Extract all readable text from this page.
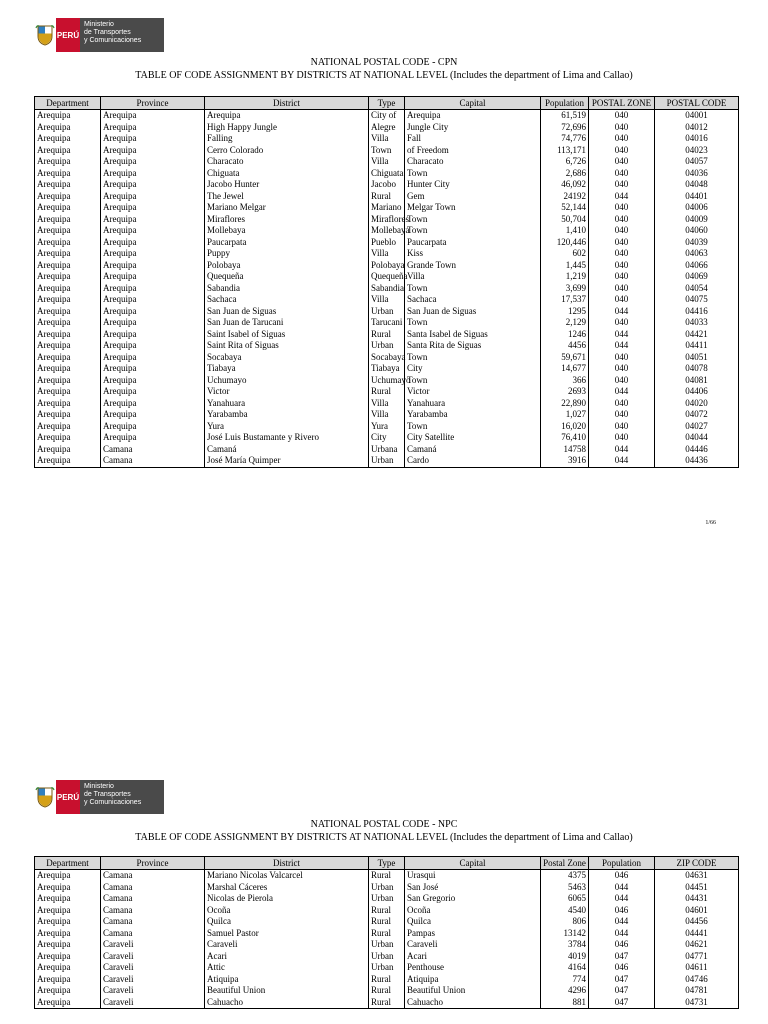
PERÚ
Ministerio
de Transportes
y Comunicaciones
NATIONAL POSTAL CODE - CPN
TABLE OF CODE ASSIGNMENT BY DISTRICTS AT NATIONAL LEVEL (Includes the department of Lima and Callao)
Department	Province	District	Type	Capital	Population	POSTAL ZONE	POSTAL CODE
Arequipa	Arequipa	Arequipa	City of	Arequipa	61,519	040	04001
Arequipa	Arequipa	High Happy Jungle	Alegre	Jungle City	72,696	040	04012
Arequipa	Arequipa	Falling	Villa	Fall	74,776	040	04016
Arequipa	Arequipa	Cerro Colorado	Town	of Freedom	113,171	040	04023
Arequipa	Arequipa	Characato	Villa	Characato	6,726	040	04057
Arequipa	Arequipa	Chiguata	Chiguata	Town	2,686	040	04036
Arequipa	Arequipa	Jacobo Hunter	Jacobo	Hunter City	46,092	040	04048
Arequipa	Arequipa	The Jewel	Rural	Gem	24192	044	04401
Arequipa	Arequipa	Mariano Melgar	Mariano	Melgar Town	52,144	040	04006
Arequipa	Arequipa	Miraflores	Miraflores	Town	50,704	040	04009
Arequipa	Arequipa	Mollebaya	Mollebaya	Town	1,410	040	04060
Arequipa	Arequipa	Paucarpata	Pueblo	Paucarpata	120,446	040	04039
Arequipa	Arequipa	Puppy	Villa	Kiss	602	040	04063
Arequipa	Arequipa	Polobaya	Polobaya	Grande Town	1,445	040	04066
Arequipa	Arequipa	Quequeña	Quequeña	Villa	1,219	040	04069
Arequipa	Arequipa	Sabandia	Sabandia	Town	3,699	040	04054
Arequipa	Arequipa	Sachaca	Villa	Sachaca	17,537	040	04075
Arequipa	Arequipa	San Juan de Siguas	Urban	San Juan de Siguas	1295	044	04416
Arequipa	Arequipa	San Juan de Tarucani	Tarucani	Town	2,129	040	04033
Arequipa	Arequipa	Saint Isabel of Siguas	Rural	Santa Isabel de Siguas	1246	044	04421
Arequipa	Arequipa	Saint Rita of Siguas	Urban	Santa Rita de Siguas	4456	044	04411
Arequipa	Arequipa	Socabaya	Socabaya	Town	59,671	040	04051
Arequipa	Arequipa	Tiabaya	Tiabaya	City	14,677	040	04078
Arequipa	Arequipa	Uchumayo	Uchumayo	Town	366	040	04081
Arequipa	Arequipa	Victor	Rural	Victor	2693	044	04406
Arequipa	Arequipa	Yanahuara	Villa	Yanahuara	22,890	040	04020
Arequipa	Arequipa	Yarabamba	Villa	Yarabamba	1,027	040	04072
Arequipa	Arequipa	Yura	Yura	Town	16,020	040	04027
Arequipa	Arequipa	José Luis Bustamante y Rivero	City	City Satellite	76,410	040	04044
Arequipa	Camana	Camaná	Urbana	Camaná	14758	044	04446
Arequipa	Camana	José María Quimper	Urban	Cardo	3916	044	04436
1/66
PERÚ
Ministerio
de Transportes
y Comunicaciones
NATIONAL POSTAL CODE - NPC
TABLE OF CODE ASSIGNMENT BY DISTRICTS AT NATIONAL LEVEL (Includes the department of Lima and Callao)
Department	Province	District	Type	Capital	Postal Zone	Population	ZIP CODE
Arequipa	Camana	Mariano Nicolas Valcarcel	Rural	Urasqui	4375	046	04631
Arequipa	Camana	Marshal Cáceres	Urban	San José	5463	044	04451
Arequipa	Camana	Nicolas de Pierola	Urban	San Gregorio	6065	044	04431
Arequipa	Camana	Ocoña	Rural	Ocoña	4540	046	04601
Arequipa	Camana	Quilca	Rural	Quilca	806	044	04456
Arequipa	Camana	Samuel Pastor	Rural	Pampas	13142	044	04441
Arequipa	Caraveli	Caraveli	Urban	Caraveli	3784	046	04621
Arequipa	Caraveli	Acari	Urban	Acari	4019	047	04771
Arequipa	Caraveli	Attic	Urban	Penthouse	4164	046	04611
Arequipa	Caraveli	Atiquipa	Rural	Atiquipa	774	047	04746
Arequipa	Caraveli	Beautiful Union	Rural	Beautiful Union	4296	047	04781
Arequipa	Caraveli	Cahuacho	Rural	Cahuacho	881	047	04731
